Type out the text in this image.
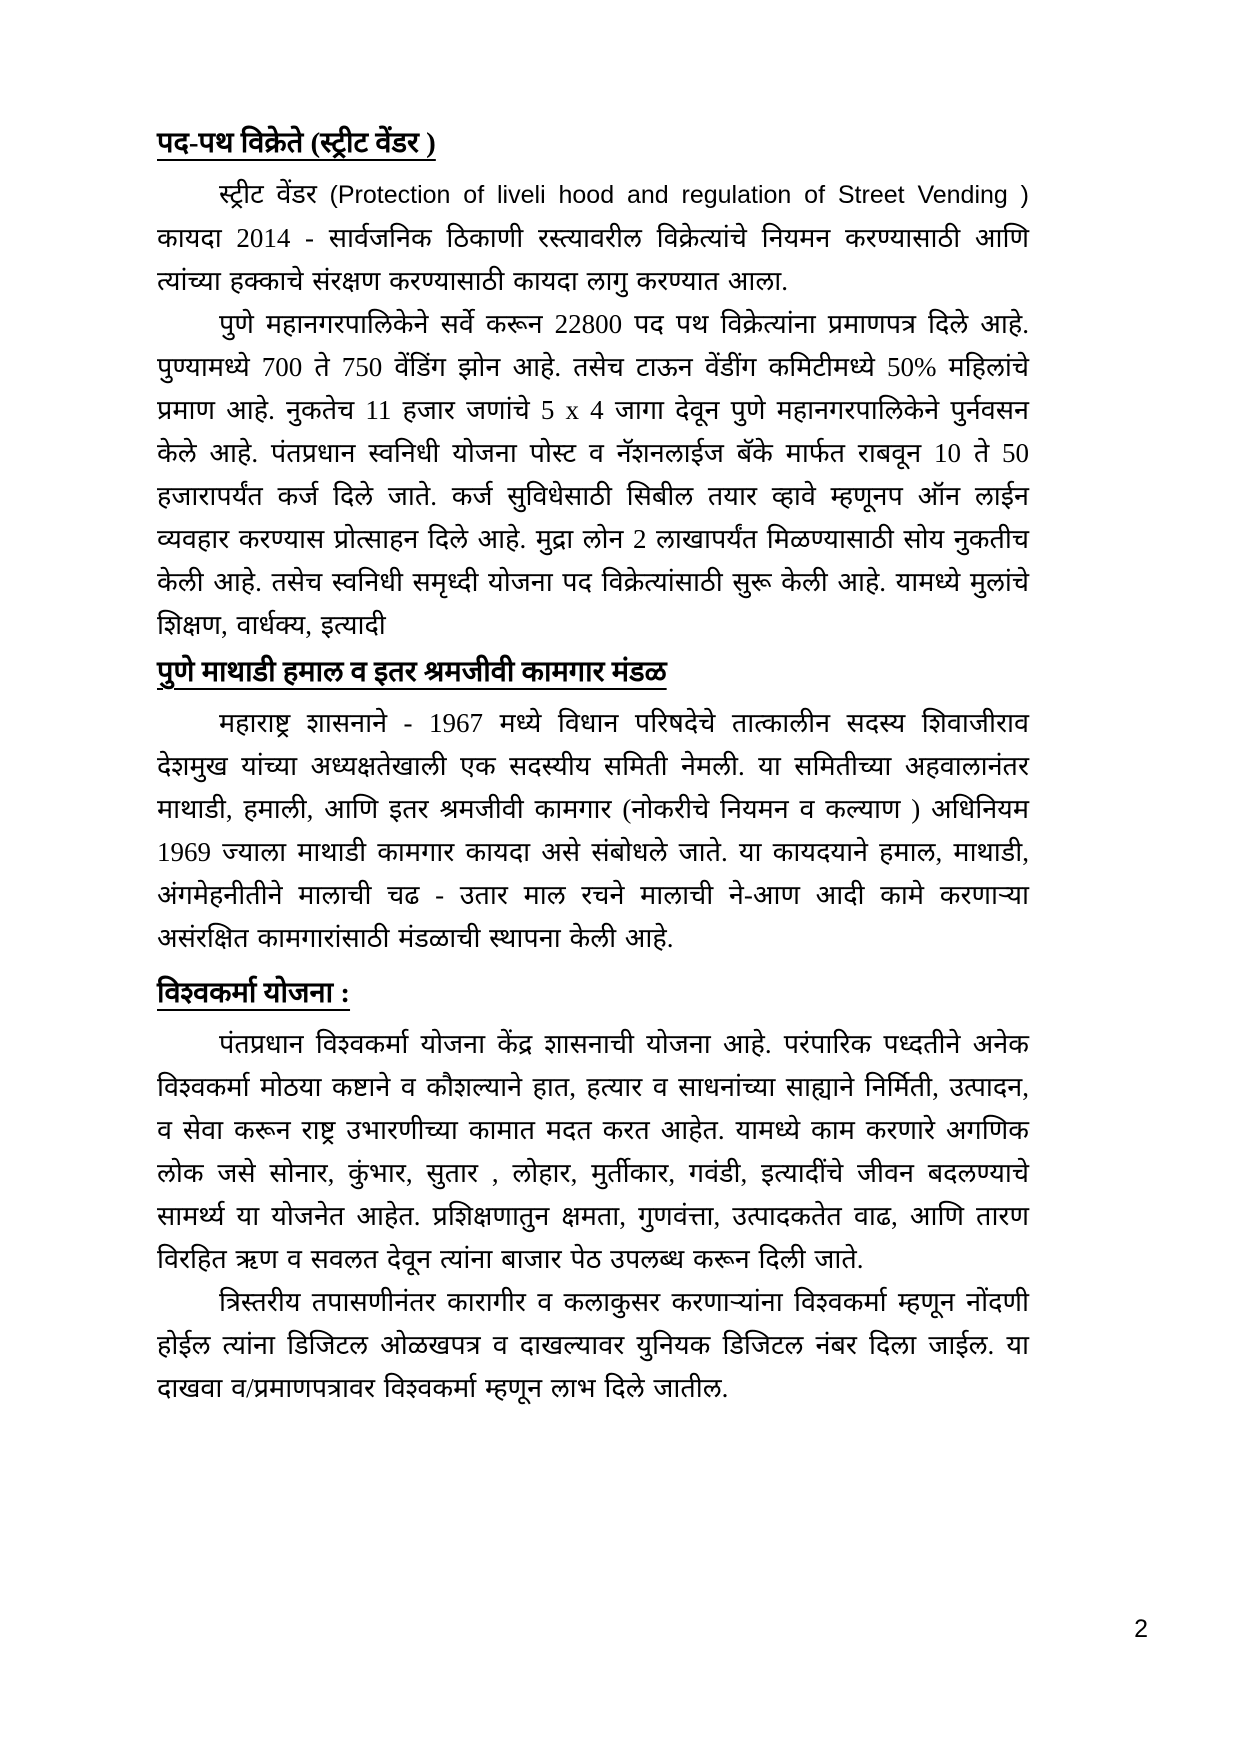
पद-पथ विक्रेते (स्ट्रीट वेंडर )

स्ट्रीट वेंडर (Protection of liveli hood and regulation of Street Vending ) कायदा 2014 - सार्वजनिक ठिकाणी रस्त्यावरील विक्रेत्यांचे नियमन करण्यासाठी आणि त्यांच्या हक्काचे संरक्षण करण्यासाठी कायदा लागु करण्यात आला.

पुणे महानगरपालिकेने सर्वे करून 22800 पद पथ विक्रेत्यांना प्रमाणपत्र दिले आहे. पुण्यामध्ये 700 ते 750 वेंडिंग झोन आहे. तसेच टाऊन वेंडींग कमिटीमध्ये 50% महिलांचे प्रमाण आहे. नुकतेच 11 हजार जणांचे 5 x 4 जागा देवून पुणे महानगरपालिकेने पुर्नवसन केले आहे. पंतप्रधान स्वनिधी योजना पोस्ट व नॅशनलाईज बॅके मार्फत राबवून 10 ते 50 हजारापर्यंत कर्ज दिले जाते. कर्ज सुविधेसाठी सिबील तयार व्हावे म्हणूनप ऑन लाईन व्यवहार करण्यास प्रोत्साहन दिले आहे. मुद्रा लोन 2 लाखापर्यंत मिळण्यासाठी सोय नुकतीच केली आहे. तसेच स्वनिधी समृध्दी योजना पद विक्रेत्यांसाठी सुरू केली आहे. यामध्ये मुलांचे शिक्षण, वार्धक्य, इत्यादी

पुणे माथाडी हमाल व इतर श्रमजीवी कामगार मंडळ

महाराष्ट्र शासनाने - 1967 मध्ये विधान परिषदेचे तात्कालीन सदस्य शिवाजीराव देशमुख यांच्या अध्यक्षतेखाली एक सदस्यीय समिती नेमली. या समितीच्या अहवालानंतर माथाडी, हमाली, आणि इतर श्रमजीवी कामगार (नोकरीचे नियमन व कल्याण ) अधिनियम 1969 ज्याला माथाडी कामगार कायदा असे संबोधले जाते. या कायदयाने हमाल, माथाडी, अंगमेहनीतीने मालाची चढ - उतार माल रचने मालाची ने-आण आदी कामे करणाऱ्या असंरक्षित कामगारांसाठी मंडळाची स्थापना केली आहे.

विश्वकर्मा योजना :

पंतप्रधान विश्वकर्मा योजना केंद्र शासनाची योजना आहे. परंपारिक पध्दतीने अनेक विश्वकर्मा मोठया कष्टाने व कौशल्याने हात, हत्यार व साधनांच्या साह्याने निर्मिती, उत्पादन, व सेवा करून राष्ट्र उभारणीच्या कामात मदत करत आहेत. यामध्ये काम करणारे अगणिक लोक जसे सोनार, कुंभार, सुतार , लोहार, मुर्तीकार, गवंडी, इत्यादींचे जीवन बदलण्याचे सामर्थ्य या योजनेत आहेत. प्रशिक्षणातुन क्षमता, गुणवंत्ता, उत्पादकतेत वाढ, आणि तारण विरहित ऋण व सवलत देवून त्यांना बाजार पेठ उपलब्ध करून दिली जाते.

त्रिस्तरीय तपासणीनंतर कारागीर व कलाकुसर करणाऱ्यांना विश्वकर्मा म्हणून नोंदणी होईल त्यांना डिजिटल ओळखपत्र व दाखल्यावर युनियक डिजिटल नंबर दिला जाईल. या दाखवा व/प्रमाणपत्रावर विश्वकर्मा म्हणून लाभ दिले जातील.

2
